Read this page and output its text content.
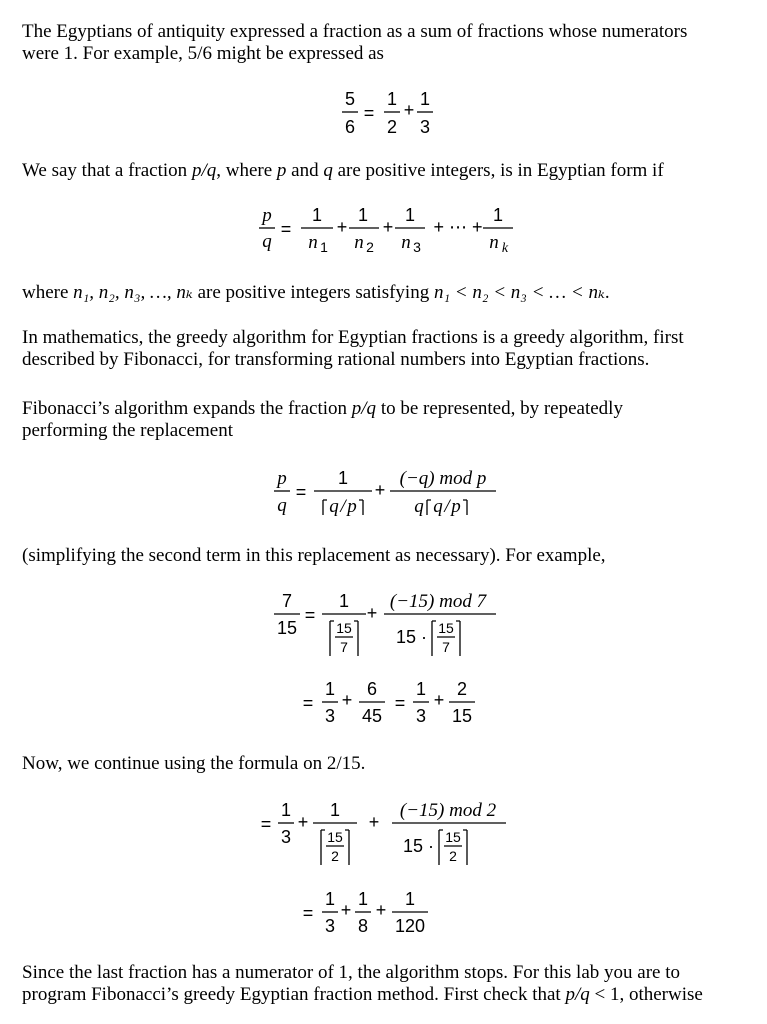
The Egyptians of antiquity expressed a fraction as a sum of fractions whose numerators
were 1. For example, 5/6 might be expressed as
5
6
=
1
2
+
1
3
We say that a fraction p/q, where p and q are positive integers, is in Egyptian form if
p
q
=
1
n 1
+
1
n 2
+
1
n 3
+ ⋯ +
1
n k
where n₁, n₂, n₃, …, nₖ are positive integers satisfying n₁ < n₂ < n₃ < … < nₖ.
In mathematics, the greedy algorithm for Egyptian fractions is a greedy algorithm, first
described by Fibonacci, for transforming rational numbers into Egyptian fractions.
Fibonacci’s algorithm expands the fraction p/q to be represented, by repeatedly
performing the replacement
p
q
=
1
q / p
+
(−q) mod p
q q / p
(simplifying the second term in this replacement as necessary). For example,
7
15
=
1
15
7
+
(−15) mod 7
15 · 15
7
=
1
3
+
6
45
=
1
3
+
2
15
Now, we continue using the formula on 2/15.
=
1
3
+
1
15
2
+
(−15) mod 2
15 · 15
2
=
1
3
+
1
8
+
1
120
Since the last fraction has a numerator of 1, the algorithm stops. For this lab you are to
program Fibonacci’s greedy Egyptian fraction method. First check that p/q < 1, otherwise
